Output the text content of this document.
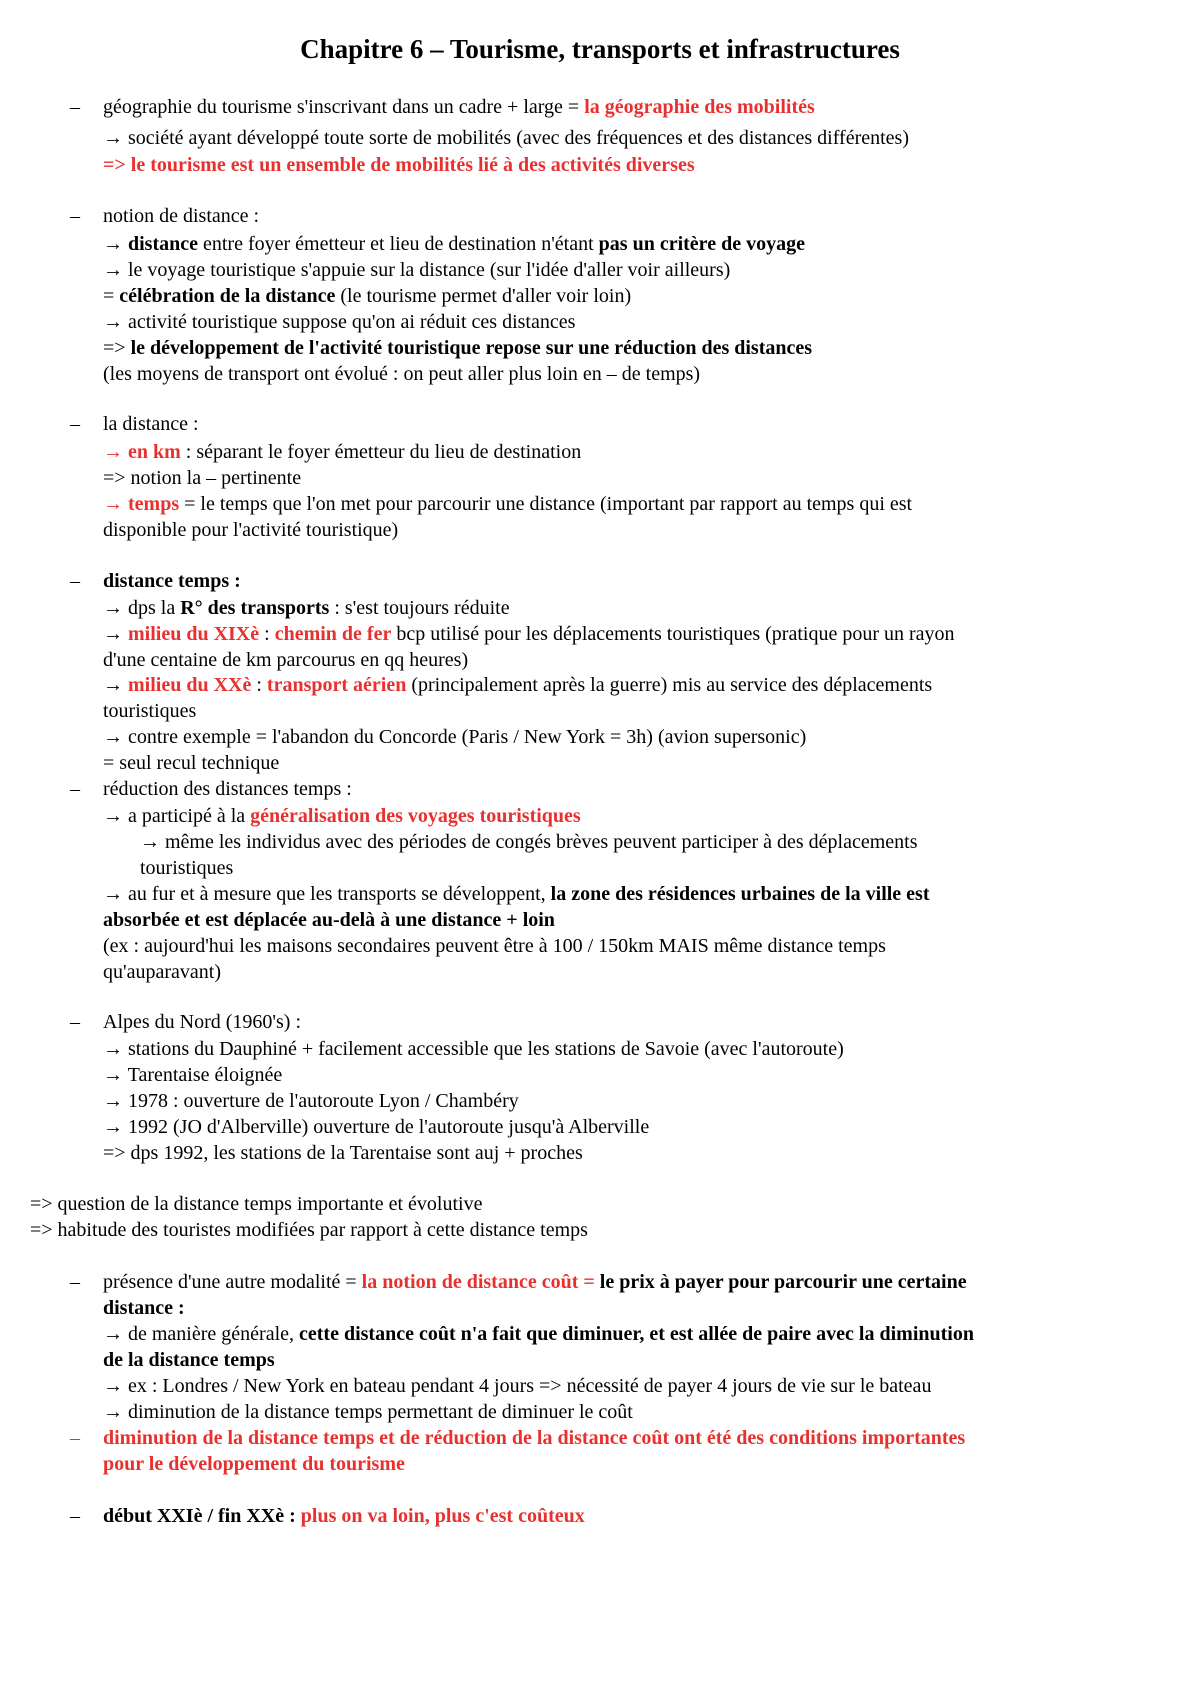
Chapitre 6 – Tourisme, transports et infrastructures
– géographie du tourisme s'inscrivant dans un cadre + large = la géographie des mobilités
→ société ayant développé toute sorte de mobilités (avec des fréquences et des distances différentes)
=> le tourisme est un ensemble de mobilités lié à des activités diverses
– notion de distance :
→ distance entre foyer émetteur et lieu de destination n'étant pas un critère de voyage
→ le voyage touristique s'appuie sur la distance (sur l'idée d'aller voir ailleurs)
= célébration de la distance (le tourisme permet d'aller voir loin)
→ activité touristique suppose qu'on ai réduit ces distances
=> le développement de l'activité touristique repose sur une réduction des distances
(les moyens de transport ont évolué : on peut aller plus loin en – de temps)
– la distance :
→ en km : séparant le foyer émetteur du lieu de destination
=> notion la – pertinente
→ temps = le temps que l'on met pour parcourir une distance (important par rapport au temps qui est
disponible pour l'activité touristique)
– distance temps :
→ dps la R° des transports : s'est toujours réduite
→ milieu du XIXè : chemin de fer bcp utilisé pour les déplacements touristiques (pratique pour un rayon
d'une centaine de km parcourus en qq heures)
→ milieu du XXè : transport aérien (principalement après la guerre) mis au service des déplacements
touristiques
→ contre exemple = l'abandon du Concorde (Paris / New York = 3h) (avion supersonic)
= seul recul technique
– réduction des distances temps :
→ a participé à la généralisation des voyages touristiques
→ même les individus avec des périodes de congés brèves peuvent participer à des déplacements
touristiques
→ au fur et à mesure que les transports se développent, la zone des résidences urbaines de la ville est
absorbée et est déplacée au-delà à une distance + loin
(ex : aujourd'hui les maisons secondaires peuvent être à 100 / 150km MAIS même distance temps
qu'auparavant)
– Alpes du Nord (1960's) :
→ stations du Dauphiné + facilement accessible que les stations de Savoie (avec l'autoroute)
→ Tarentaise éloignée
→ 1978 : ouverture de l'autoroute Lyon / Chambéry
→ 1992 (JO d'Alberville) ouverture de l'autoroute jusqu'à Alberville
=> dps 1992, les stations de la Tarentaise sont auj + proches
=> question de la distance temps importante et évolutive
=> habitude des touristes modifiées par rapport à cette distance temps
– présence d'une autre modalité = la notion de distance coût = le prix à payer pour parcourir une certaine
distance :
→ de manière générale, cette distance coût n'a fait que diminuer, et est allée de paire avec la diminution
de la distance temps
→ ex : Londres / New York en bateau pendant 4 jours => nécessité de payer 4 jours de vie sur le bateau
→ diminution de la distance temps permettant de diminuer le coût
– diminution de la distance temps et de réduction de la distance coût ont été des conditions importantes
pour le développement du tourisme
– début XXIè / fin XXè : plus on va loin, plus c'est coûteux
